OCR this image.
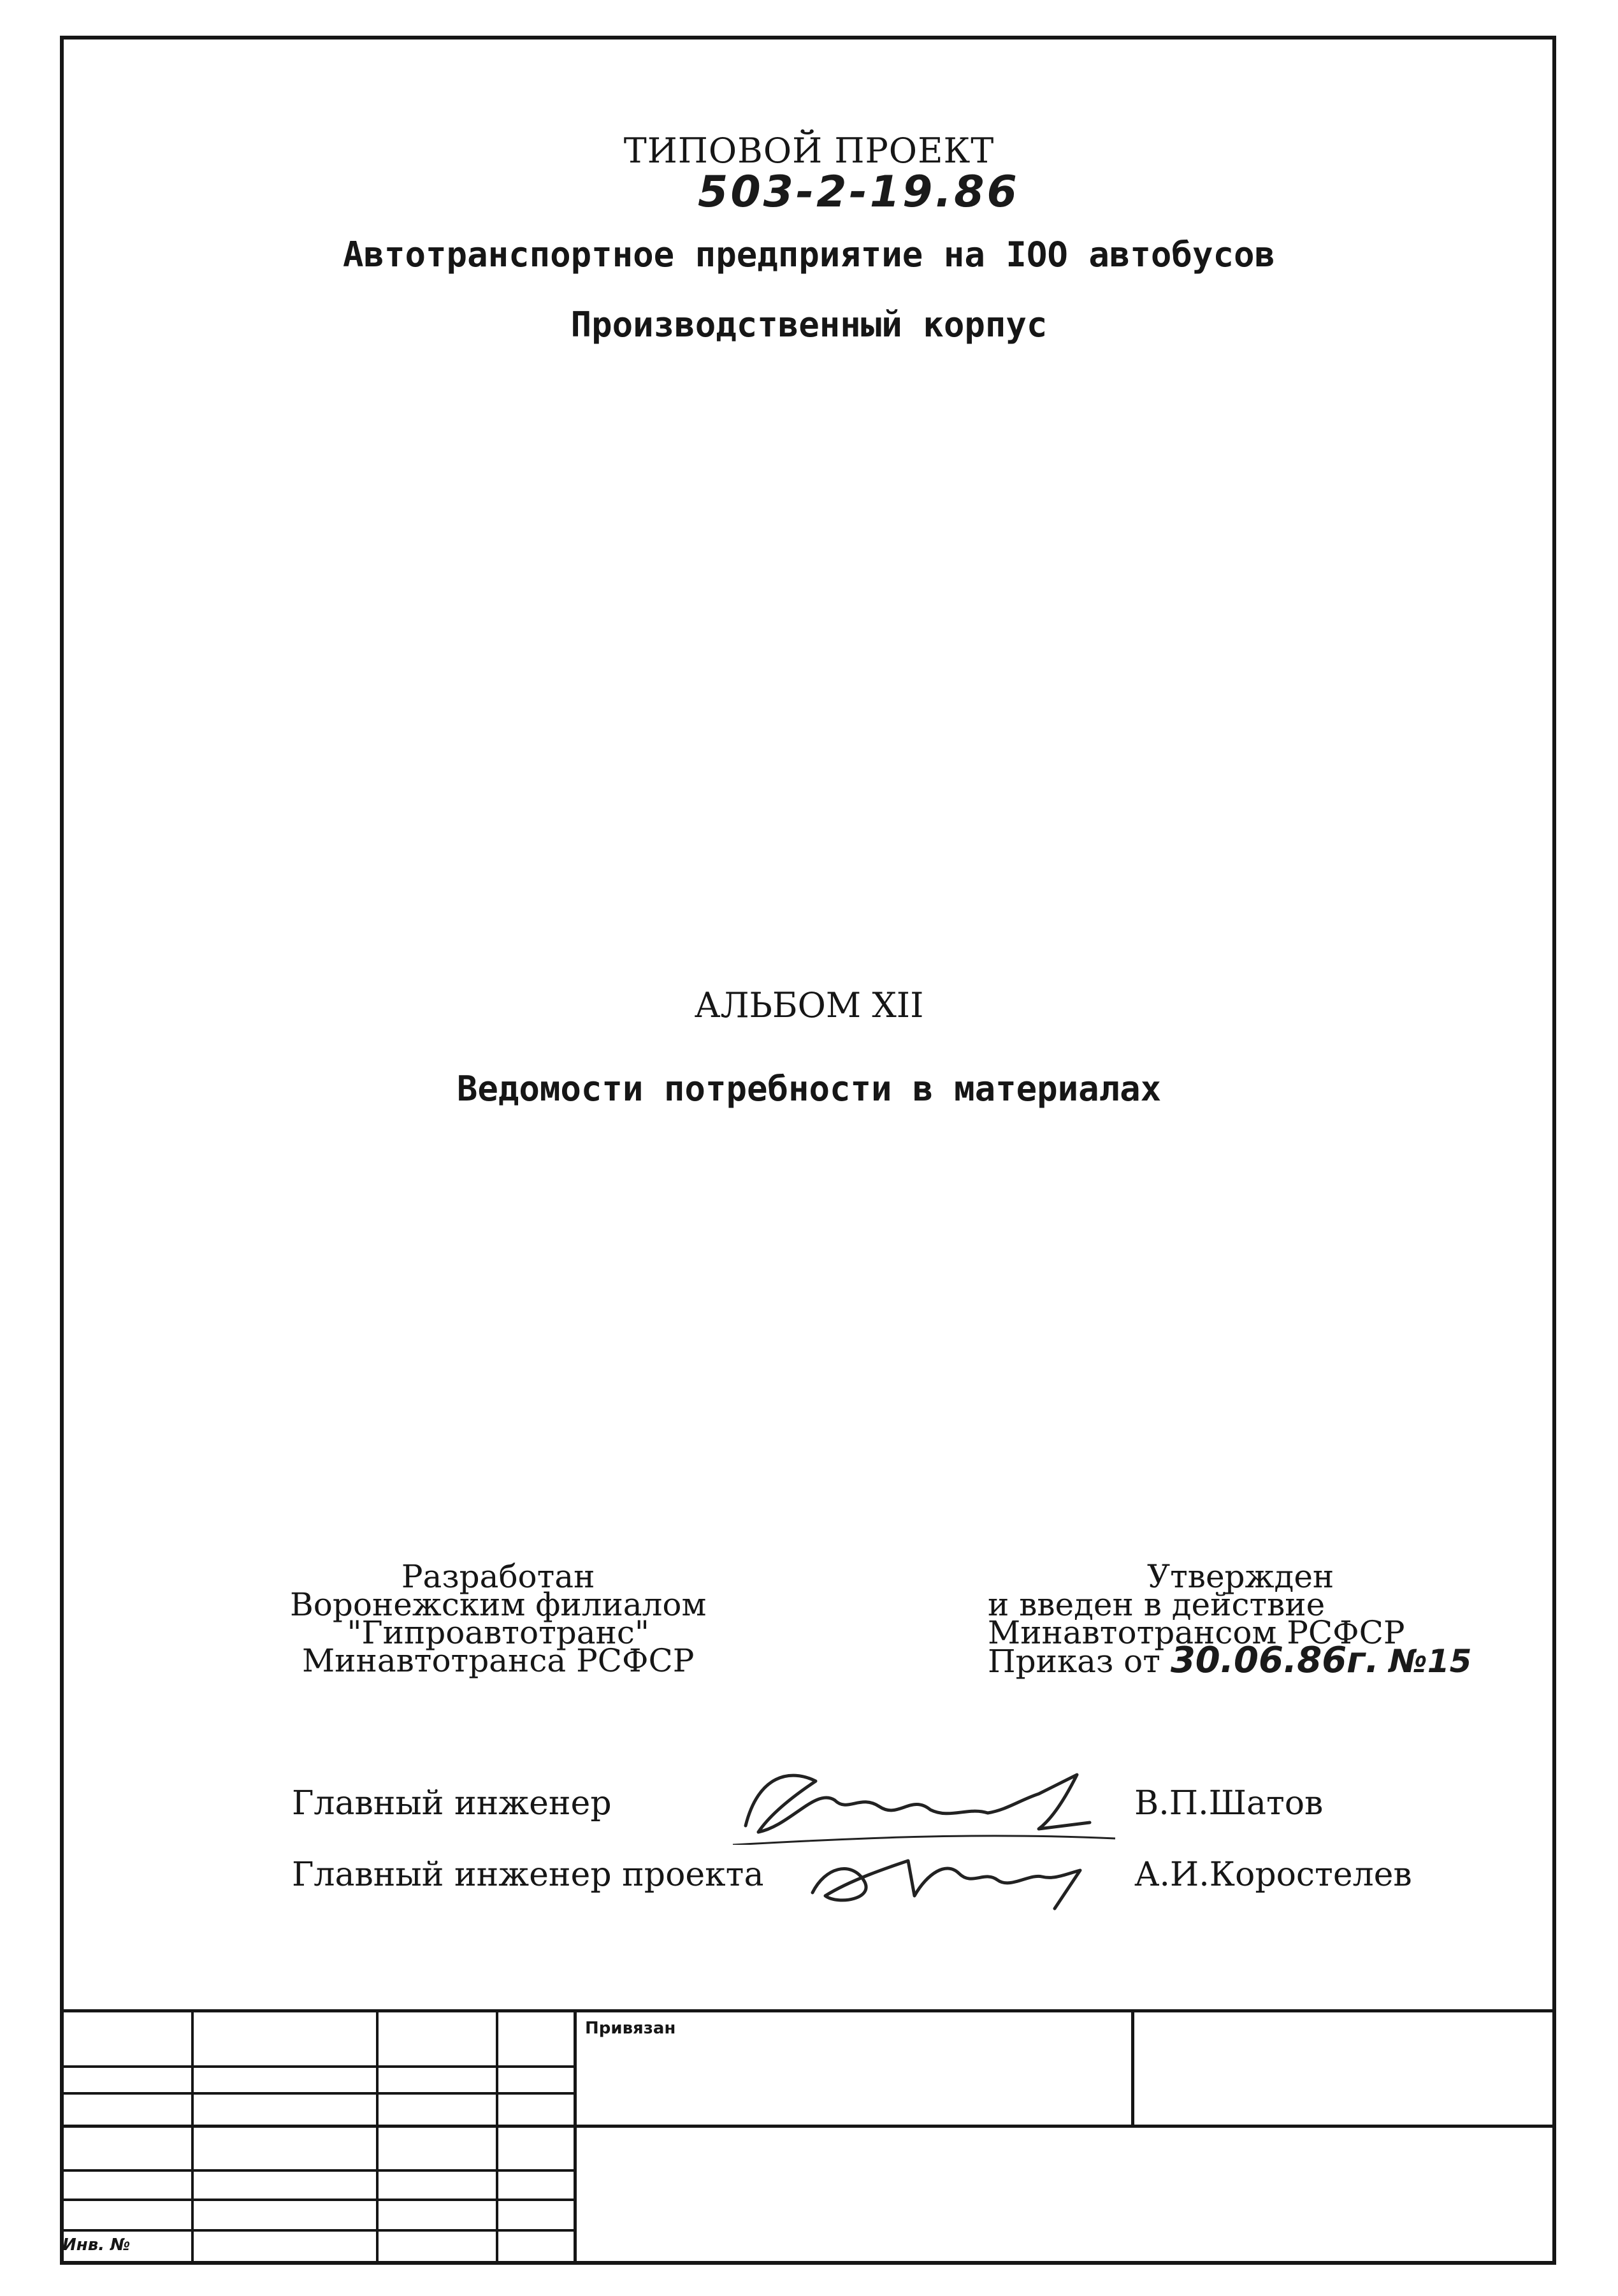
ТИПОВОЙ ПРОЕКТ
503-2-19.86
Автотранспортное предприятие на IOO автобусов
Производственный корпус
АЛЬБОМ XII
Ведомости потребности в материалах
Разработан
Воронежским филиалом
"Гипроавтотранс"
Минавтотранса РСФСР
Утвержден
и введен в действие
Минавтотрансом РСФСР
Приказ от 30.06.86г. №15
Главный инженер	В.П.Шатов
Главный инженер проекта	А.И.Коростелев
Привязан
Инв. №
